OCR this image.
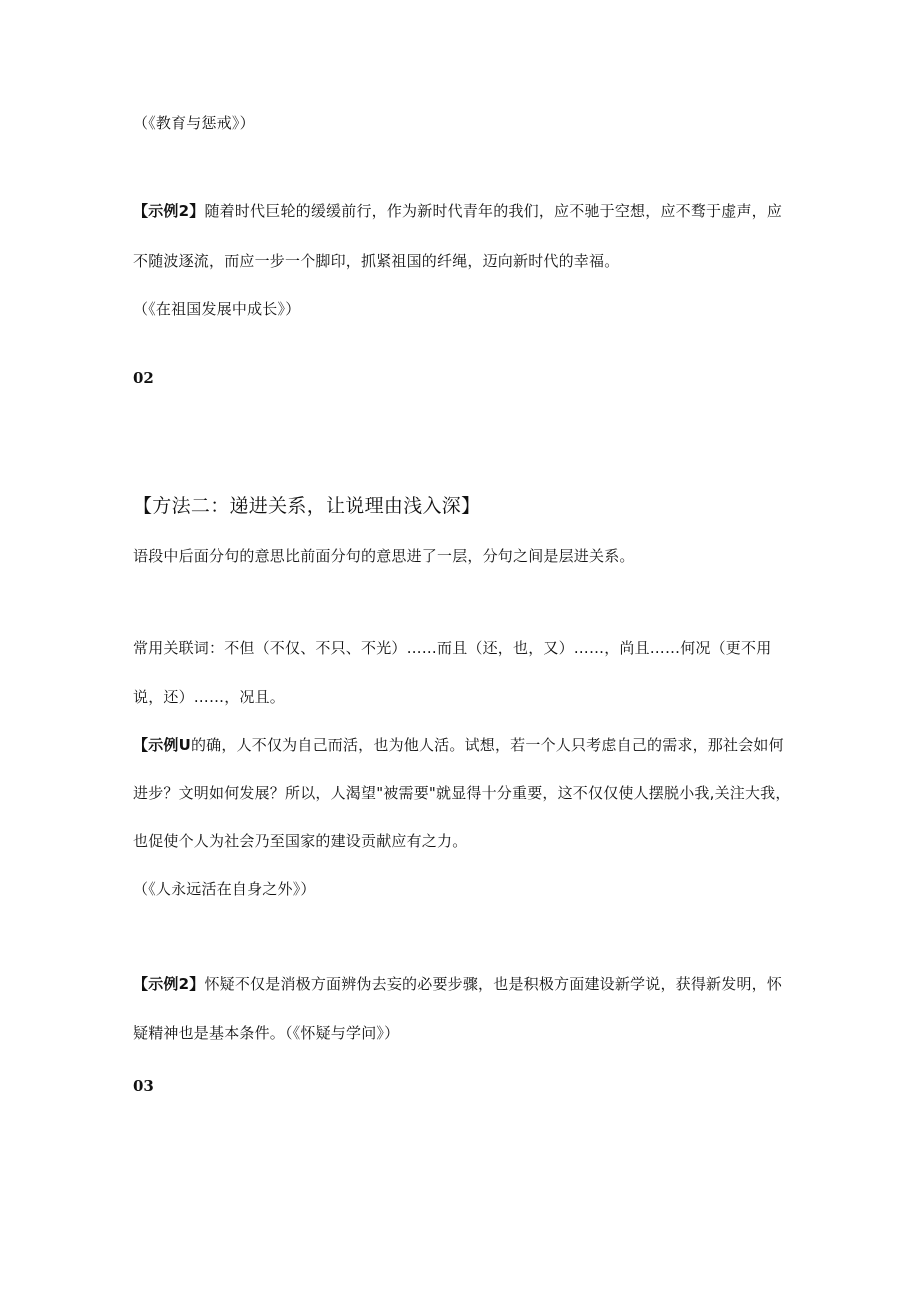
（《教育与惩戒》）
【示例2】随着时代巨轮的缓缓前行，作为新时代青年的我们，应不驰于空想，应不骛于虚声，应
不随波逐流，而应一步一个脚印，抓紧祖国的纤绳，迈向新时代的幸福。
（《在祖国发展中成长》）
02
【方法二：递进关系，让说理由浅入深】
语段中后面分句的意思比前面分句的意思进了一层，分句之间是层进关系。
常用关联词：不但（不仅、不只、不光）……而且（还，也，又）……，尚且……何况（更不用
说，还）……，况且。
【示例U的确，人不仅为自己而活，也为他人活。试想，若一个人只考虑自己的需求，那社会如何
进步？文明如何发展？所以，人渴望"被需要"就显得十分重要，这不仅仅使人摆脱小我,关注大我，
也促使个人为社会乃至国家的建设贡献应有之力。
（《人永远活在自身之外》）
【示例2】怀疑不仅是消极方面辨伪去妄的必要步骤，也是积极方面建设新学说，获得新发明，怀
疑精神也是基本条件。（《怀疑与学问》）
03
